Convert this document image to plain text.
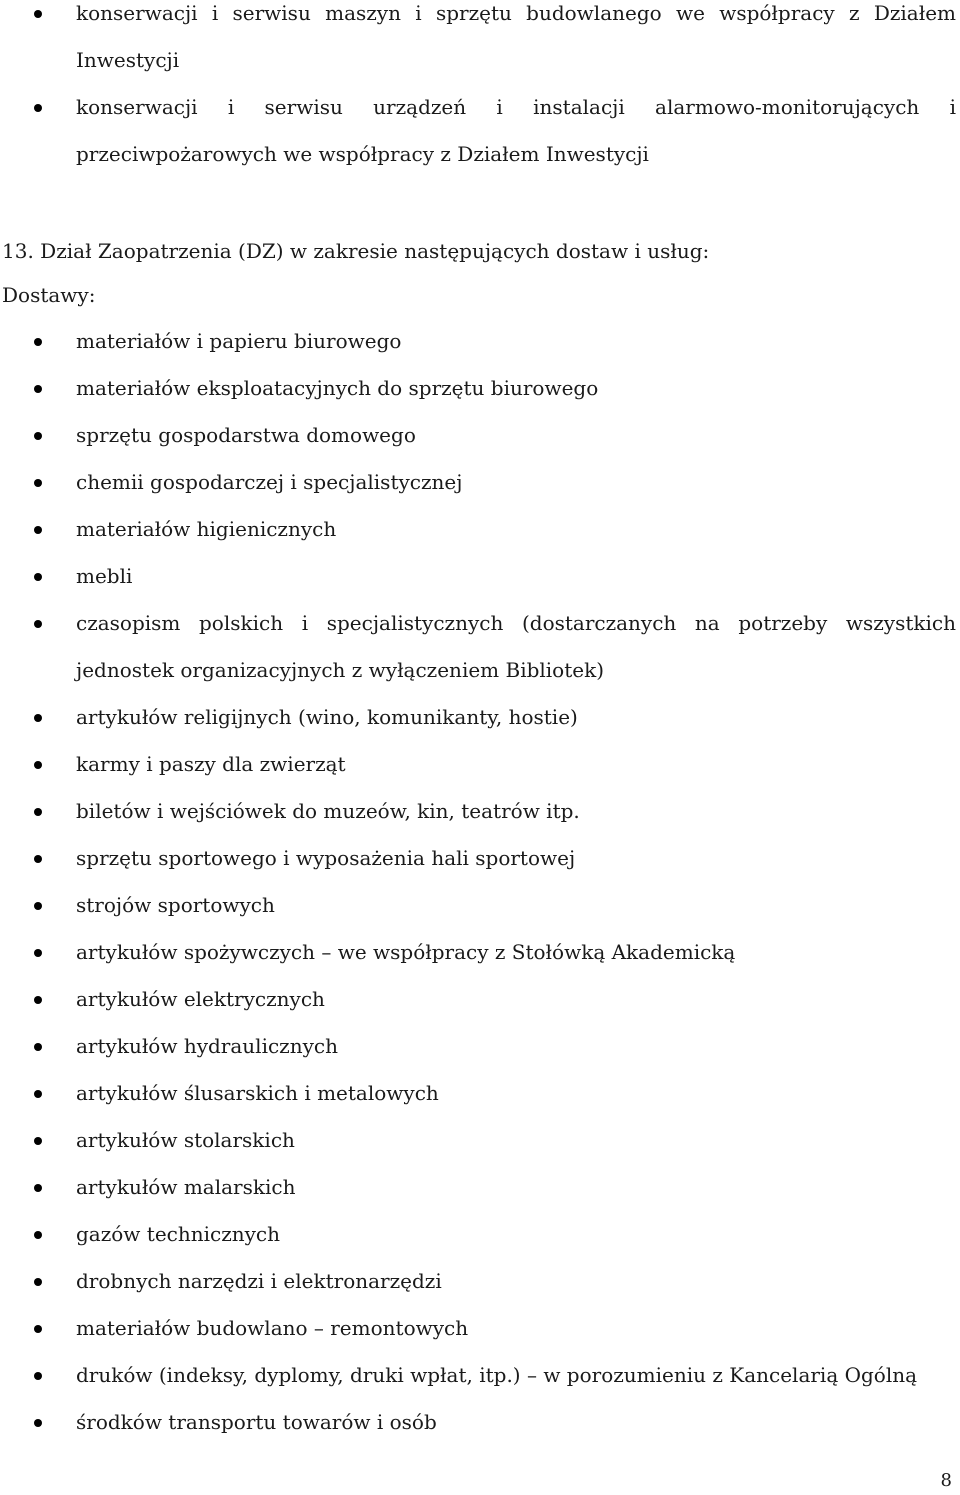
konserwacji i serwisu maszyn i sprzętu budowlanego we współpracy z Działem Inwestycji
konserwacji i serwisu urządzeń i instalacji alarmowo-monitorujących i przeciwpożarowych we współpracy z Działem Inwestycji
13. Dział Zaopatrzenia (DZ) w zakresie następujących dostaw i usług:
Dostawy:
materiałów i papieru biurowego
materiałów eksploatacyjnych do sprzętu biurowego
sprzętu gospodarstwa domowego
chemii gospodarczej i specjalistycznej
materiałów higienicznych
mebli
czasopism polskich i specjalistycznych (dostarczanych na potrzeby wszystkich jednostek organizacyjnych z wyłączeniem Bibliotek)
artykułów religijnych (wino, komunikanty, hostie)
karmy i paszy dla zwierząt
biletów i wejściówek do muzeów, kin, teatrów itp.
sprzętu sportowego i wyposażenia hali sportowej
strojów sportowych
artykułów spożywczych – we współpracy z Stołówką Akademicką
artykułów elektrycznych
artykułów hydraulicznych
artykułów ślusarskich i metalowych
artykułów stolarskich
artykułów malarskich
gazów technicznych
drobnych narzędzi i elektronarzędzi
materiałów budowlano – remontowych
druków (indeksy, dyplomy, druki wpłat, itp.) – w porozumieniu z Kancelarią Ogólną
środków transportu towarów i osób
8
